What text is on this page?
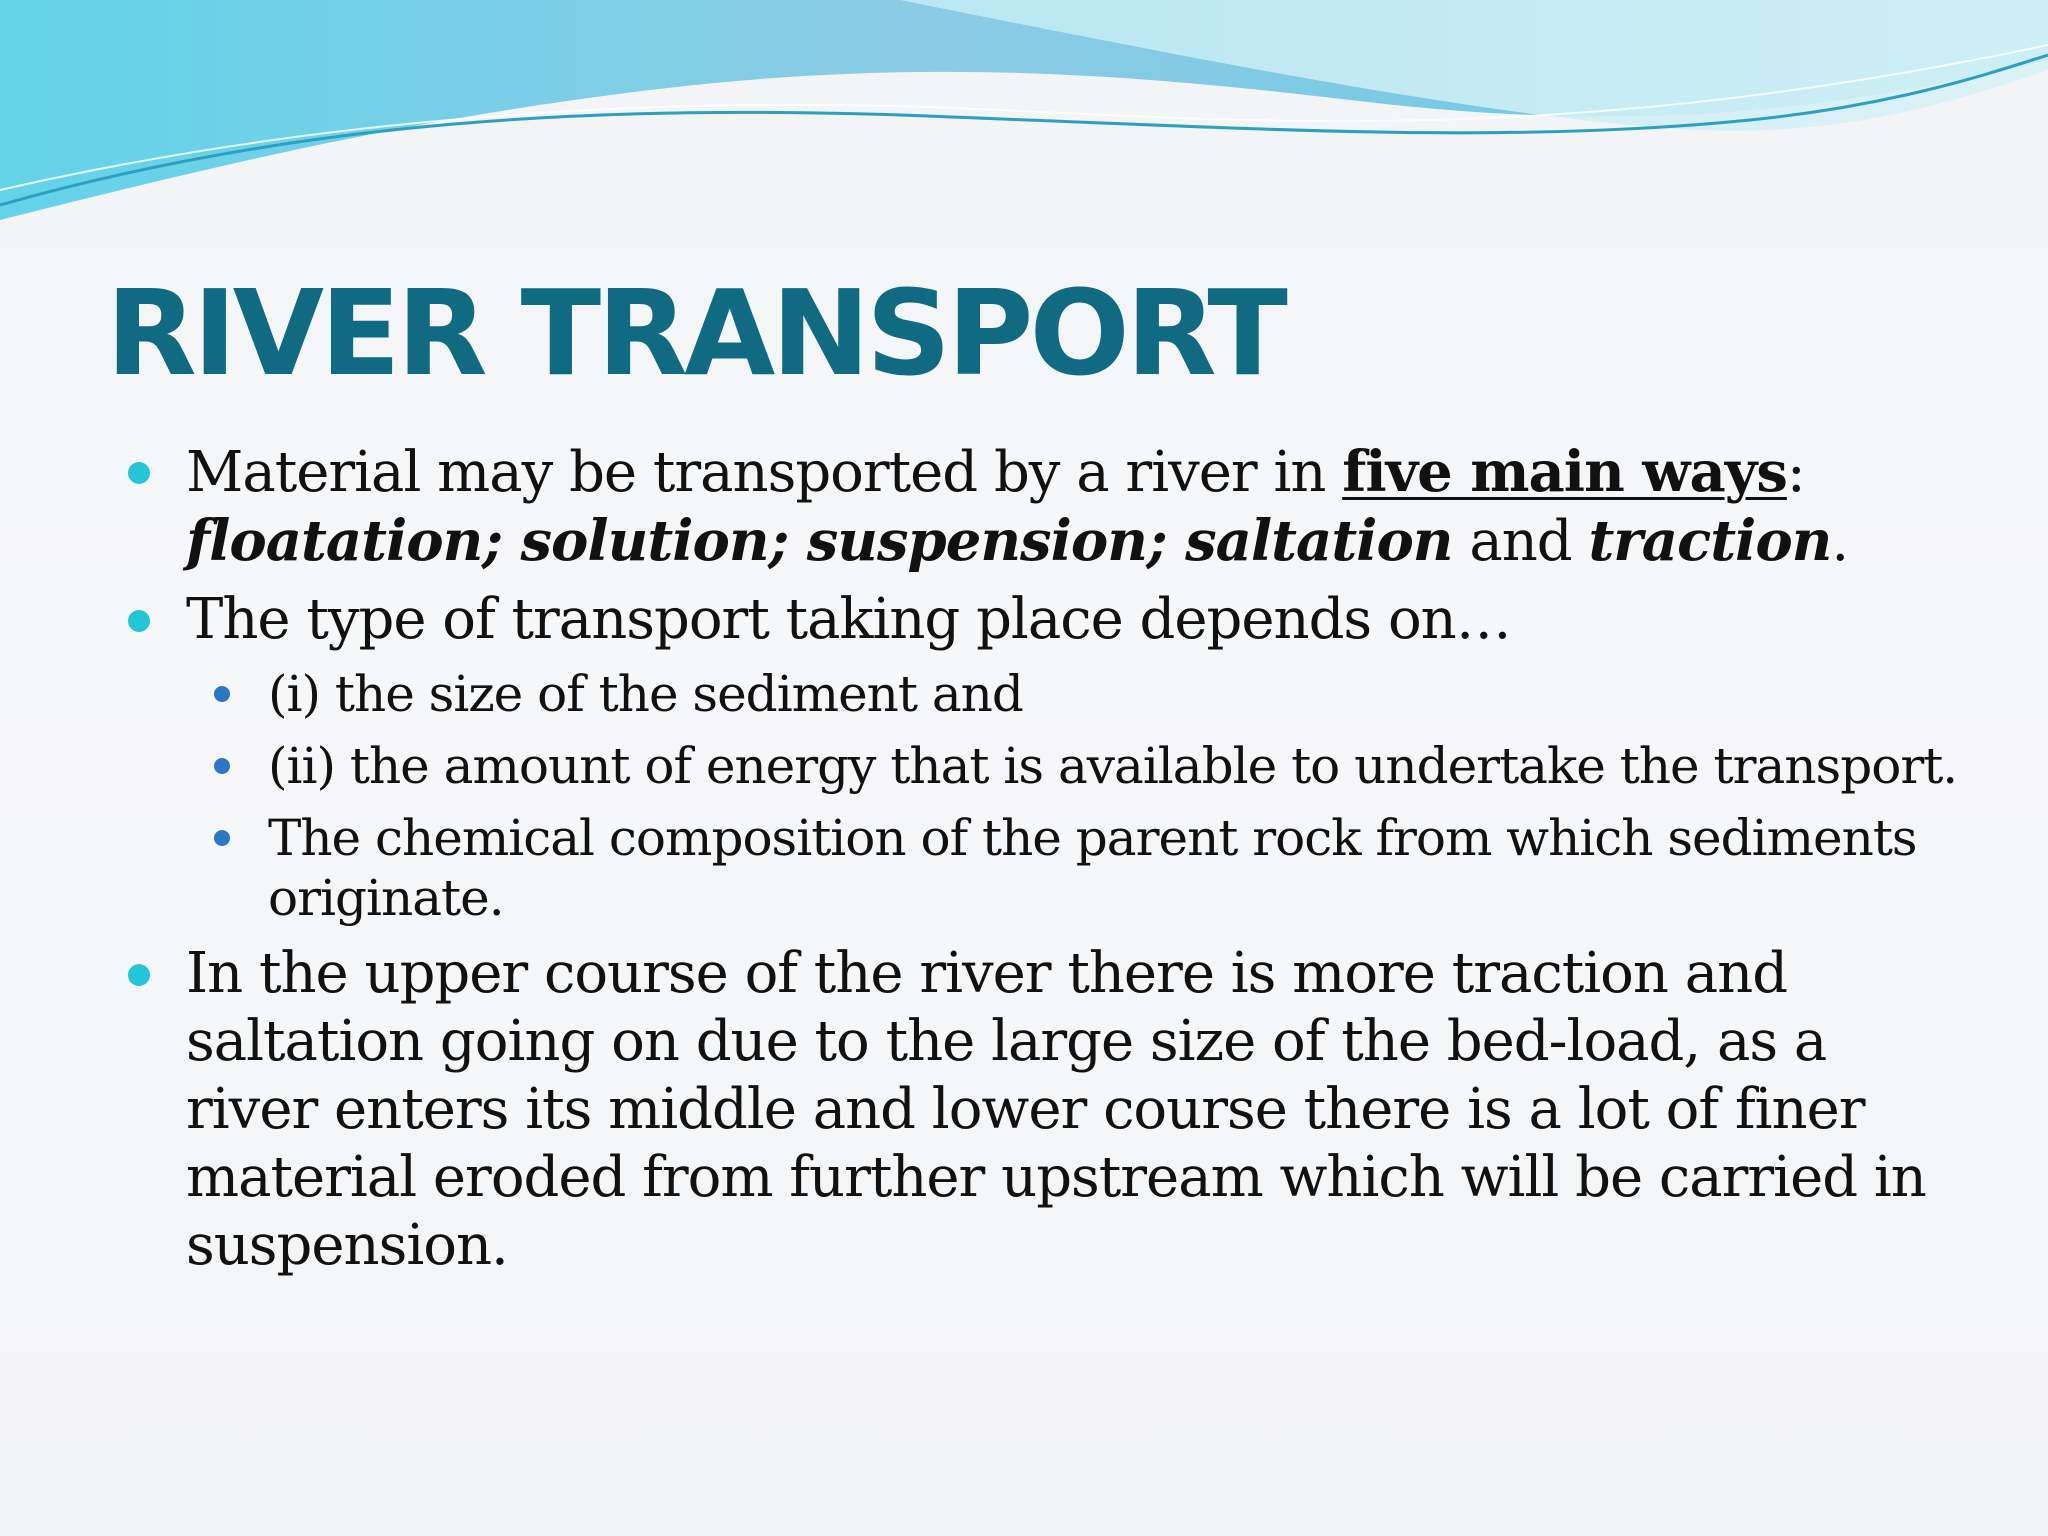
RIVER TRANSPORT
Material may be transported by a river in five main ways:
floatation; solution; suspension; saltation and traction.
The type of transport taking place depends on…
(i) the size of the sediment and
(ii) the amount of energy that is available to undertake the transport.
The chemical composition of the parent rock from which sediments originate.
In the upper course of the river there is more traction and saltation going on due to the large size of the bed-load, as a river enters its middle and lower course there is a lot of finer material eroded from further upstream which will be carried in suspension.
